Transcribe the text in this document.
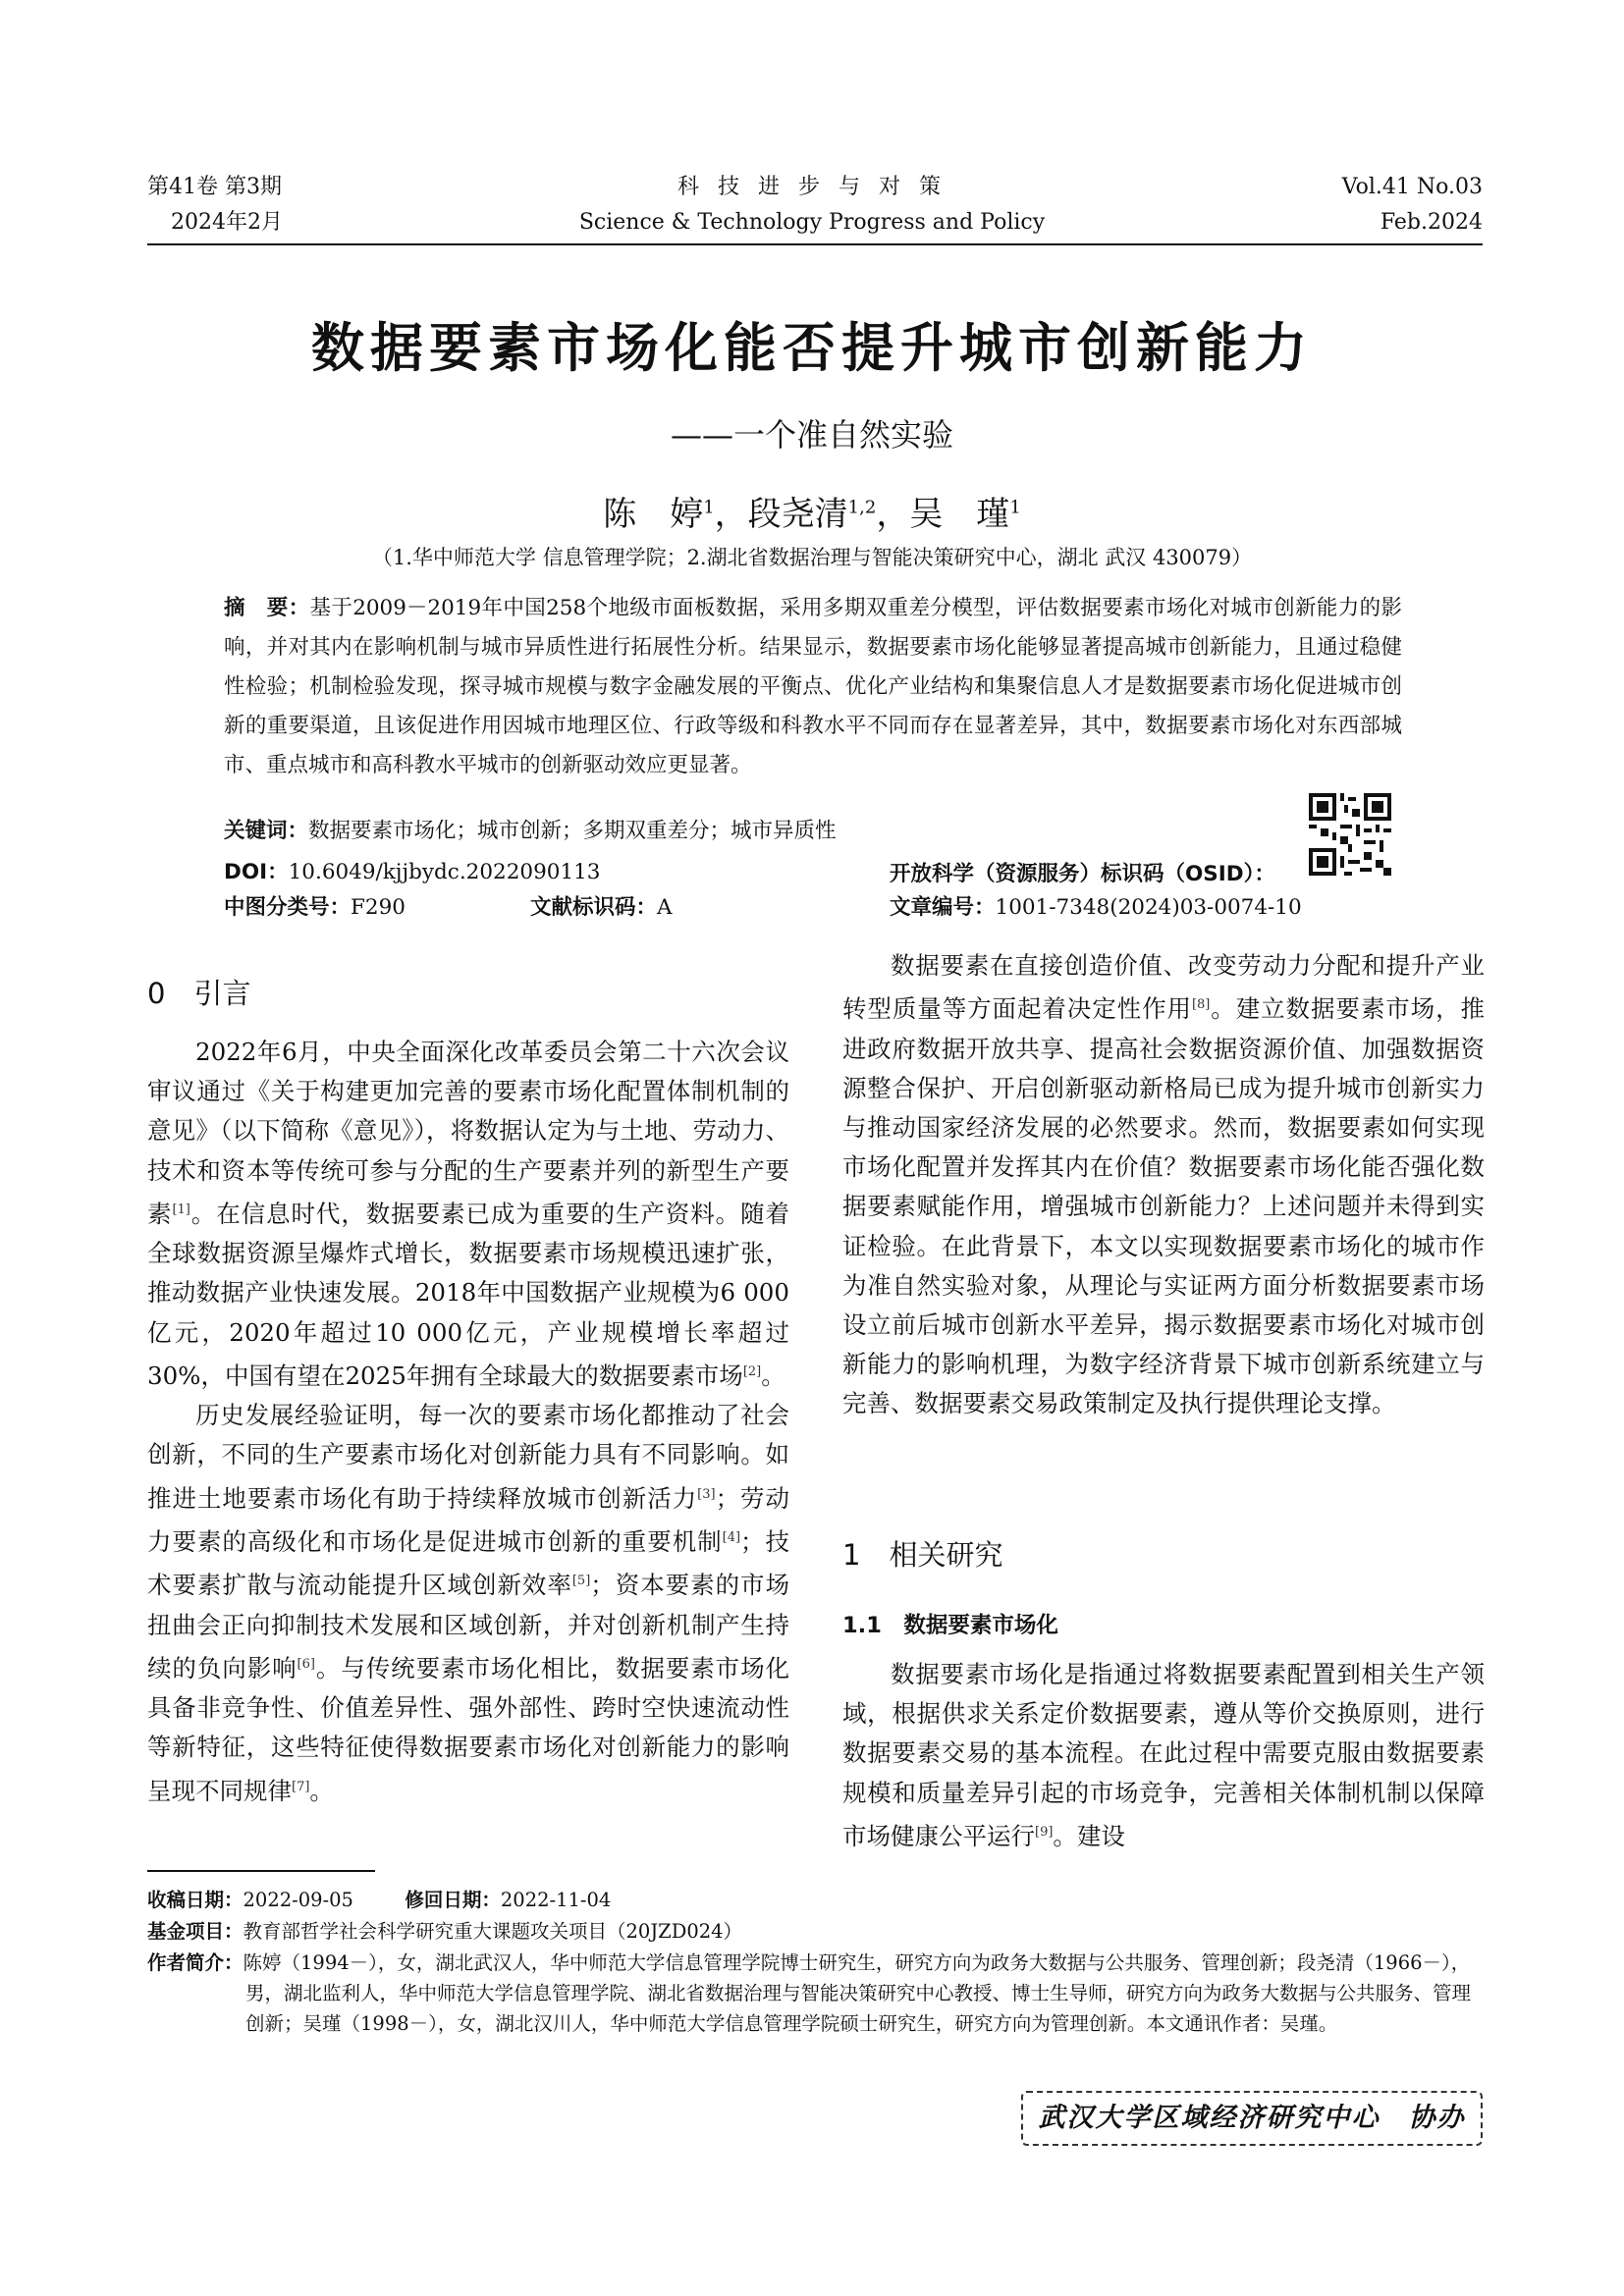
第41卷 第3期
2024年2月
科 技 进 步 与 对 策
Science & Technology Progress and Policy
Vol.41 No.03
Feb.2024
数据要素市场化能否提升城市创新能力
——一个准自然实验
陈　婷$^1$，段尧清$^{1,2}$，吴　瑾$^1$
（1.华中师范大学 信息管理学院；2.湖北省数据治理与智能决策研究中心，湖北 武汉 430079）
摘　要：基于2009－2019年中国258个地级市面板数据，采用多期双重差分模型，评估数据要素市场化对城市创新能力的影响，并对其内在影响机制与城市异质性进行拓展性分析。结果显示，数据要素市场化能够显著提高城市创新能力，且通过稳健性检验；机制检验发现，探寻城市规模与数字金融发展的平衡点、优化产业结构和集聚信息人才是数据要素市场化促进城市创新的重要渠道，且该促进作用因城市地理区位、行政等级和科教水平不同而存在显著差异，其中，数据要素市场化对东西部城市、重点城市和高科教水平城市的创新驱动效应更显著。
关键词：数据要素市场化；城市创新；多期双重差分；城市异质性
DOI：10.6049/kjjbydc.2022090113	开放科学（资源服务）标识码（OSID）：
中图分类号：F290	文献标识码：A	文章编号：1001-7348(2024)03-0074-10
0　引言

2022年6月，中央全面深化改革委员会第二十六次会议审议通过《关于构建更加完善的要素市场化配置体制机制的意见》（以下简称《意见》），将数据认定为与土地、劳动力、技术和资本等传统可参与分配的生产要素并列的新型生产要素[1]。在信息时代，数据要素已成为重要的生产资料。随着全球数据资源呈爆炸式增长，数据要素市场规模迅速扩张，推动数据产业快速发展。2018年中国数据产业规模为6 000亿元，2020年超过10 000亿元，产业规模增长率超过30%，中国有望在2025年拥有全球最大的数据要素市场[2]。

历史发展经验证明，每一次的要素市场化都推动了社会创新，不同的生产要素市场化对创新能力具有不同影响。如推进土地要素市场化有助于持续释放城市创新活力[3]；劳动力要素的高级化和市场化是促进城市创新的重要机制[4]；技术要素扩散与流动能提升区域创新效率[5]；资本要素的市场扭曲会正向抑制技术发展和区域创新，并对创新机制产生持续的负向影响[6]。与传统要素市场化相比，数据要素市场化具备非竞争性、价值差异性、强外部性、跨时空快速流动性等新特征，这些特征使得数据要素市场化对创新能力的影响呈现不同规律[7]。

数据要素在直接创造价值、改变劳动力分配和提升产业转型质量等方面起着决定性作用[8]。建立数据要素市场，推进政府数据开放共享、提高社会数据资源价值、加强数据资源整合保护、开启创新驱动新格局已成为提升城市创新实力与推动国家经济发展的必然要求。然而，数据要素如何实现市场化配置并发挥其内在价值？数据要素市场化能否强化数据要素赋能作用，增强城市创新能力？上述问题并未得到实证检验。在此背景下，本文以实现数据要素市场化的城市作为准自然实验对象，从理论与实证两方面分析数据要素市场设立前后城市创新水平差异，揭示数据要素市场化对城市创新能力的影响机理，为数字经济背景下城市创新系统建立与完善、数据要素交易政策制定及执行提供理论支撑。

1　相关研究
1.1　数据要素市场化

数据要素市场化是指通过将数据要素配置到相关生产领域，根据供求关系定价数据要素，遵从等价交换原则，进行数据要素交易的基本流程。在此过程中需要克服由数据要素规模和质量差异引起的市场竞争，完善相关体制机制以保障市场健康公平运行[9]。建设

收稿日期：2022-09-05	修回日期：2022-11-04
基金项目：教育部哲学社会科学研究重大课题攻关项目（20JZD024）
作者简介：陈婷（1994－），女，湖北武汉人，华中师范大学信息管理学院博士研究生，研究方向为政务大数据与公共服务、管理创新；段尧清（1966－），男，湖北监利人，华中师范大学信息管理学院、湖北省数据治理与智能决策研究中心教授、博士生导师，研究方向为政务大数据与公共服务、管理创新；吴瑾（1998－），女，湖北汉川人，华中师范大学信息管理学院硕士研究生，研究方向为管理创新。本文通讯作者：吴瑾。
武汉大学区域经济研究中心　协办
